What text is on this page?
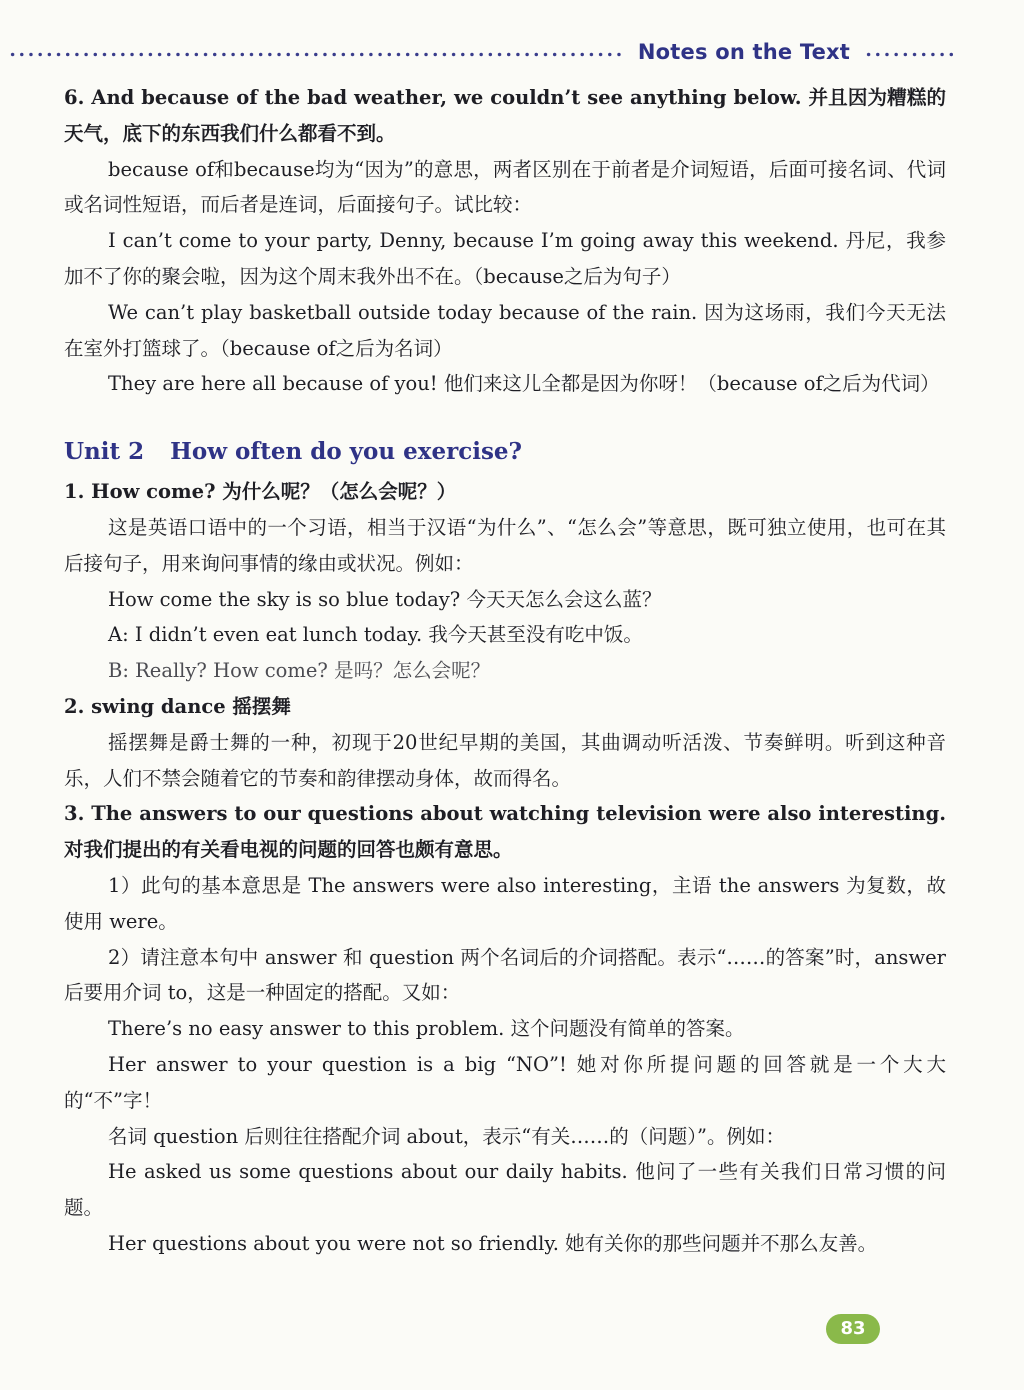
Notes on the Text

6. And because of the bad weather, we couldn’t see anything below. 并且因为糟糕的天气，底下的东西我们什么都看不到。

because of和because均为“因为”的意思，两者区别在于前者是介词短语，后面可接名词、代词或名词性短语，而后者是连词，后面接句子。试比较：

I can’t come to your party, Denny, because I’m going away this weekend. 丹尼，我参加不了你的聚会啦，因为这个周末我外出不在。（because之后为句子）

We can’t play basketball outside today because of the rain. 因为这场雨，我们今天无法在室外打篮球了。（because of之后为名词）

They are here all because of you! 他们来这儿全都是因为你呀！（because of之后为代词）

Unit 2 How often do you exercise?

1. How come? 为什么呢？（怎么会呢？）

这是英语口语中的一个习语，相当于汉语“为什么”、“怎么会”等意思，既可独立使用，也可在其后接句子，用来询问事情的缘由或状况。例如：

How come the sky is so blue today? 今天天怎么会这么蓝？

A: I didn’t even eat lunch today. 我今天甚至没有吃中饭。

B: Really? How come? 是吗？怎么会呢？

2. swing dance 摇摆舞

摇摆舞是爵士舞的一种，初现于20世纪早期的美国，其曲调动听活泼、节奏鲜明。听到这种音乐，人们不禁会随着它的节奏和韵律摆动身体，故而得名。

3. The answers to our questions about watching television were also interesting. 对我们提出的有关看电视的问题的回答也颇有意思。

1）此句的基本意思是 The answers were also interesting，主语 the answers 为复数，故使用 were。

2）请注意本句中 answer 和 question 两个名词后的介词搭配。表示“……的答案”时，answer 后要用介词 to，这是一种固定的搭配。又如：

There’s no easy answer to this problem. 这个问题没有简单的答案。

Her answer to your question is a big “NO”! 她对你所提问题的回答就是一个大大的“不”字！

名词 question 后则往往搭配介词 about，表示“有关……的（问题）”。例如：

He asked us some questions about our daily habits. 他问了一些有关我们日常习惯的问题。

Her questions about you were not so friendly. 她有关你的那些问题并不那么友善。

83
